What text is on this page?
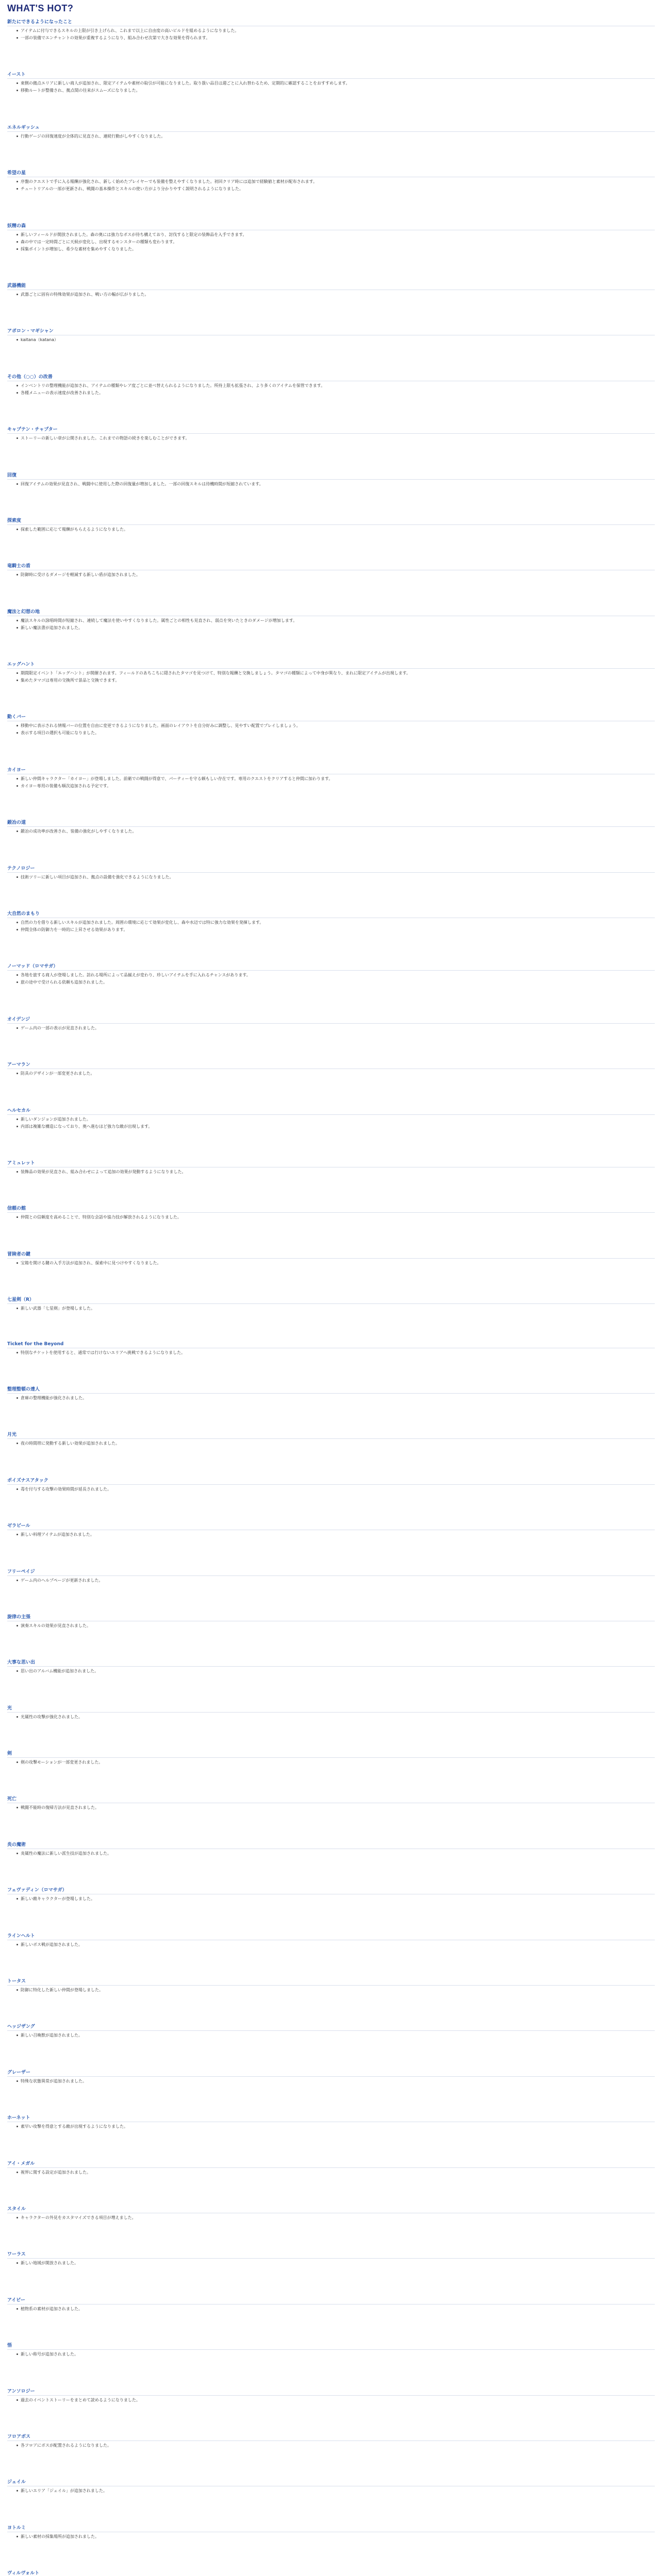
WHAT'S HOT?
新たにできるようになったこと
アイテムに付与できるスキルの上限が引き上げられ、これまで以上に自由度の高いビルドを組めるようになりました。
一部の装備でエンチャントの効果が重複するようになり、組み合わせ次第で大きな効果を得られます。
イースト
東側の拠点エリアに新しい商人が追加され、限定アイテムや素材の取引が可能になりました。取り扱い品目は週ごとに入れ替わるため、定期的に確認することをおすすめします。
移動ルートが整備され、拠点間の往来がスムーズになりました。
エネルギッシュ
行動ゲージの回復速度が全体的に見直され、連続行動がしやすくなりました。
希望の星
序盤のクエストで手に入る報酬が強化され、新しく始めたプレイヤーでも装備を整えやすくなりました。初回クリア時には追加で経験値と素材が配布されます。
チュートリアルの一部が更新され、戦闘の基本操作とスキルの使い方がより分かりやすく説明されるようになりました。
妖精の森
新しいフィールドが開放されました。森の奥には強力なボスが待ち構えており、討伐すると限定の装飾品を入手できます。
森の中では一定時間ごとに天候が変化し、出現するモンスターの種類も変わります。
採集ポイントが増加し、希少な素材を集めやすくなりました。
武器機能
武器ごとに固有の特殊効果が追加され、戦い方の幅が広がりました。
アポロン・マギシャン
kaitana（katana）
その他（○○）の改善
インベントリの整理機能が追加され、アイテムの種類やレア度ごとに並べ替えられるようになりました。所持上限も拡張され、より多くのアイテムを保管できます。
各種メニューの表示速度が改善されました。
キャプテン・チャプター
ストーリーの新しい章が公開されました。これまでの物語の続きを楽しむことができます。
回復
回復アイテムの効果が見直され、戦闘中に使用した際の回復量が増加しました。一部の回復スキルは待機時間が短縮されています。
探索度
探索した範囲に応じて報酬がもらえるようになりました。
竜騎士の盾
防御時に受けるダメージを軽減する新しい盾が追加されました。
魔法と幻想の地
魔法スキルの詠唱時間が短縮され、連続して魔法を使いやすくなりました。属性ごとの相性も見直され、弱点を突いたときのダメージが増加します。
新しい魔法書が追加されました。
エッグハント
期間限定イベント「エッグハント」が開催されます。フィールドのあちこちに隠されたタマゴを見つけて、特別な報酬と交換しましょう。タマゴの種類によって中身が異なり、まれに限定アイテムが出現します。
集めたタマゴは専用の交換所で景品と交換できます。
動くバー
移動中に表示される情報バーの位置を自由に変更できるようになりました。画面のレイアウトを自分好みに調整し、見やすい配置でプレイしましょう。
表示する項目の選択も可能になりました。
カイヨー
新しい仲間キャラクター「カイヨー」が登場しました。前衛での戦闘が得意で、パーティーを守る頼もしい存在です。専用のクエストをクリアすると仲間に加わります。
カイヨー専用の装備も順次追加される予定です。
鍛冶の道
鍛冶の成功率が改善され、装備の強化がしやすくなりました。
テクノロジー
技術ツリーに新しい項目が追加され、拠点の設備を強化できるようになりました。
大自然のまもり
自然の力を借りる新しいスキルが追加されました。周囲の環境に応じて効果が変化し、森や水辺では特に強力な効果を発揮します。
仲間全体の防御力を一時的に上昇させる効果があります。
ノーマッド（ロマサガ）
各地を旅する商人が登場しました。訪れる場所によって品揃えが変わり、珍しいアイテムを手に入れるチャンスがあります。
旅の途中で受けられる依頼も追加されました。
オイデンジ
ゲーム内の一部の表示が見直されました。
アーマラン
防具のデザインが一部変更されました。
ヘルセカル
新しいダンジョンが追加されました。
内部は複雑な構造になっており、奥へ進むほど強力な敵が出現します。
アミュレット
装飾品の効果が見直され、組み合わせによって追加の効果が発動するようになりました。
信頼の館
仲間との信頼度を高めることで、特別な会話や協力技が解放されるようになりました。
冒険者の鍵
宝箱を開ける鍵の入手方法が追加され、探索中に見つけやすくなりました。
七星剣（R）
新しい武器「七星剣」が登場しました。
Ticket for the Beyond
特別なチケットを使用すると、通常では行けないエリアへ挑戦できるようになりました。
整理整頓の達人
倉庫の整理機能が強化されました。
月光
夜の時間帯に発動する新しい効果が追加されました。
ポイズナスアタック
毒を付与する攻撃の効果時間が延長されました。
ゼラビール
新しい料理アイテムが追加されました。
フリーペイジ
ゲーム内のヘルプページが更新されました。
旋律の主張
演奏スキルの効果が見直されました。
大事な思い出
思い出のアルバム機能が追加されました。
光
光属性の攻撃が強化されました。
剣
剣の攻撃モーションが一部変更されました。
死亡
戦闘不能時の復帰方法が見直されました。
炎の魔術
炎属性の魔法に新しい派生技が追加されました。
フェヴァディン（ロマサガ）
新しい敵キャラクターが登場しました。
ラインヘルト
新しいボス戦が追加されました。
トータス
防御に特化した新しい仲間が登場しました。
ヘッジザング
新しい召喚獣が追加されました。
グレーザー
特殊な状態異常が追加されました。
ホーネット
素早い攻撃を得意とする敵が出現するようになりました。
アイ・メガル
視界に関する設定が追加されました。
スタイル
キャラクターの外見をカスタマイズできる項目が増えました。
ワーラス
新しい地域が開放されました。
アイビー
植物系の素材が追加されました。
悟
新しい称号が追加されました。
アンソロジー
過去のイベントストーリーをまとめて読めるようになりました。
フロアボス
各フロアにボスが配置されるようになりました。
ジェイル
新しいエリア「ジェイル」が追加されました。
ヨトルミ
新しい素材の採集場所が追加されました。
ヴィルヴォルト
